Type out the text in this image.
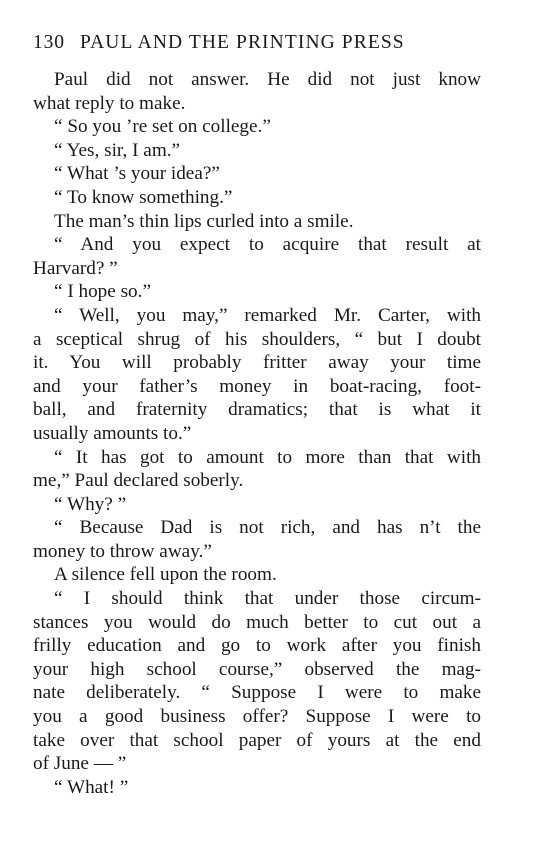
130 PAUL AND THE PRINTING PRESS
Paul did not answer. He did not just know
what reply to make.
“ So you ’re set on college.”
“ Yes, sir, I am.”
“ What ’s your idea?”
“ To know something.”
The man’s thin lips curled into a smile.
“ And you expect to acquire that result at
Harvard? ”
“ I hope so.”
“ Well, you may,” remarked Mr. Carter, with
a sceptical shrug of his shoulders, “ but I doubt
it. You will probably fritter away your time
and your father’s money in boat-racing, foot-
ball, and fraternity dramatics; that is what it
usually amounts to.”
“ It has got to amount to more than that with
me,” Paul declared soberly.
“ Why? ”
“ Because Dad is not rich, and has n’t the
money to throw away.”
A silence fell upon the room.
“ I should think that under those circum-
stances you would do much better to cut out a
frilly education and go to work after you finish
your high school course,” observed the mag-
nate deliberately. “ Suppose I were to make
you a good business offer? Suppose I were to
take over that school paper of yours at the end
of June — ”
“ What! ”
